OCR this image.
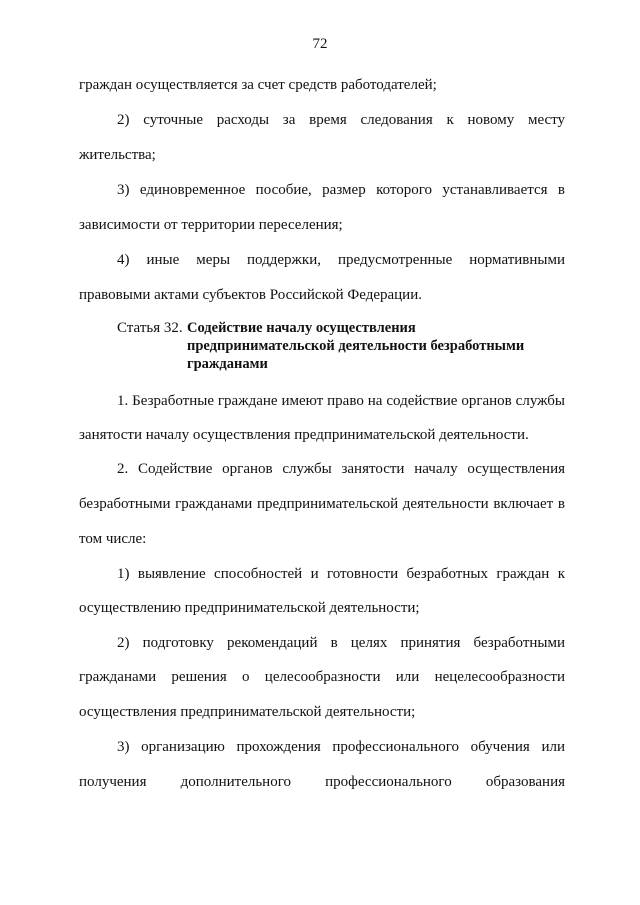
72
граждан осуществляется за счет средств работодателей;
2) суточные расходы за время следования к новому месту
жительства;
3) единовременное пособие, размер которого устанавливается в
зависимости от территории переселения;
4) иные меры поддержки, предусмотренные нормативными
правовыми актами субъектов Российской Федерации.
Статья 32. Содействие началу осуществления
предпринимательской деятельности безработными
гражданами
1. Безработные граждане имеют право на содействие органов службы
занятости началу осуществления предпринимательской деятельности.
2. Содействие органов службы занятости началу осуществления
безработными гражданами предпринимательской деятельности включает в
том числе:
1) выявление способностей и готовности безработных граждан к
осуществлению предпринимательской деятельности;
2) подготовку рекомендаций в целях принятия безработными
гражданами решения о целесообразности или нецелесообразности
осуществления предпринимательской деятельности;
3) организацию прохождения профессионального обучения или
получения дополнительного профессионального образования
